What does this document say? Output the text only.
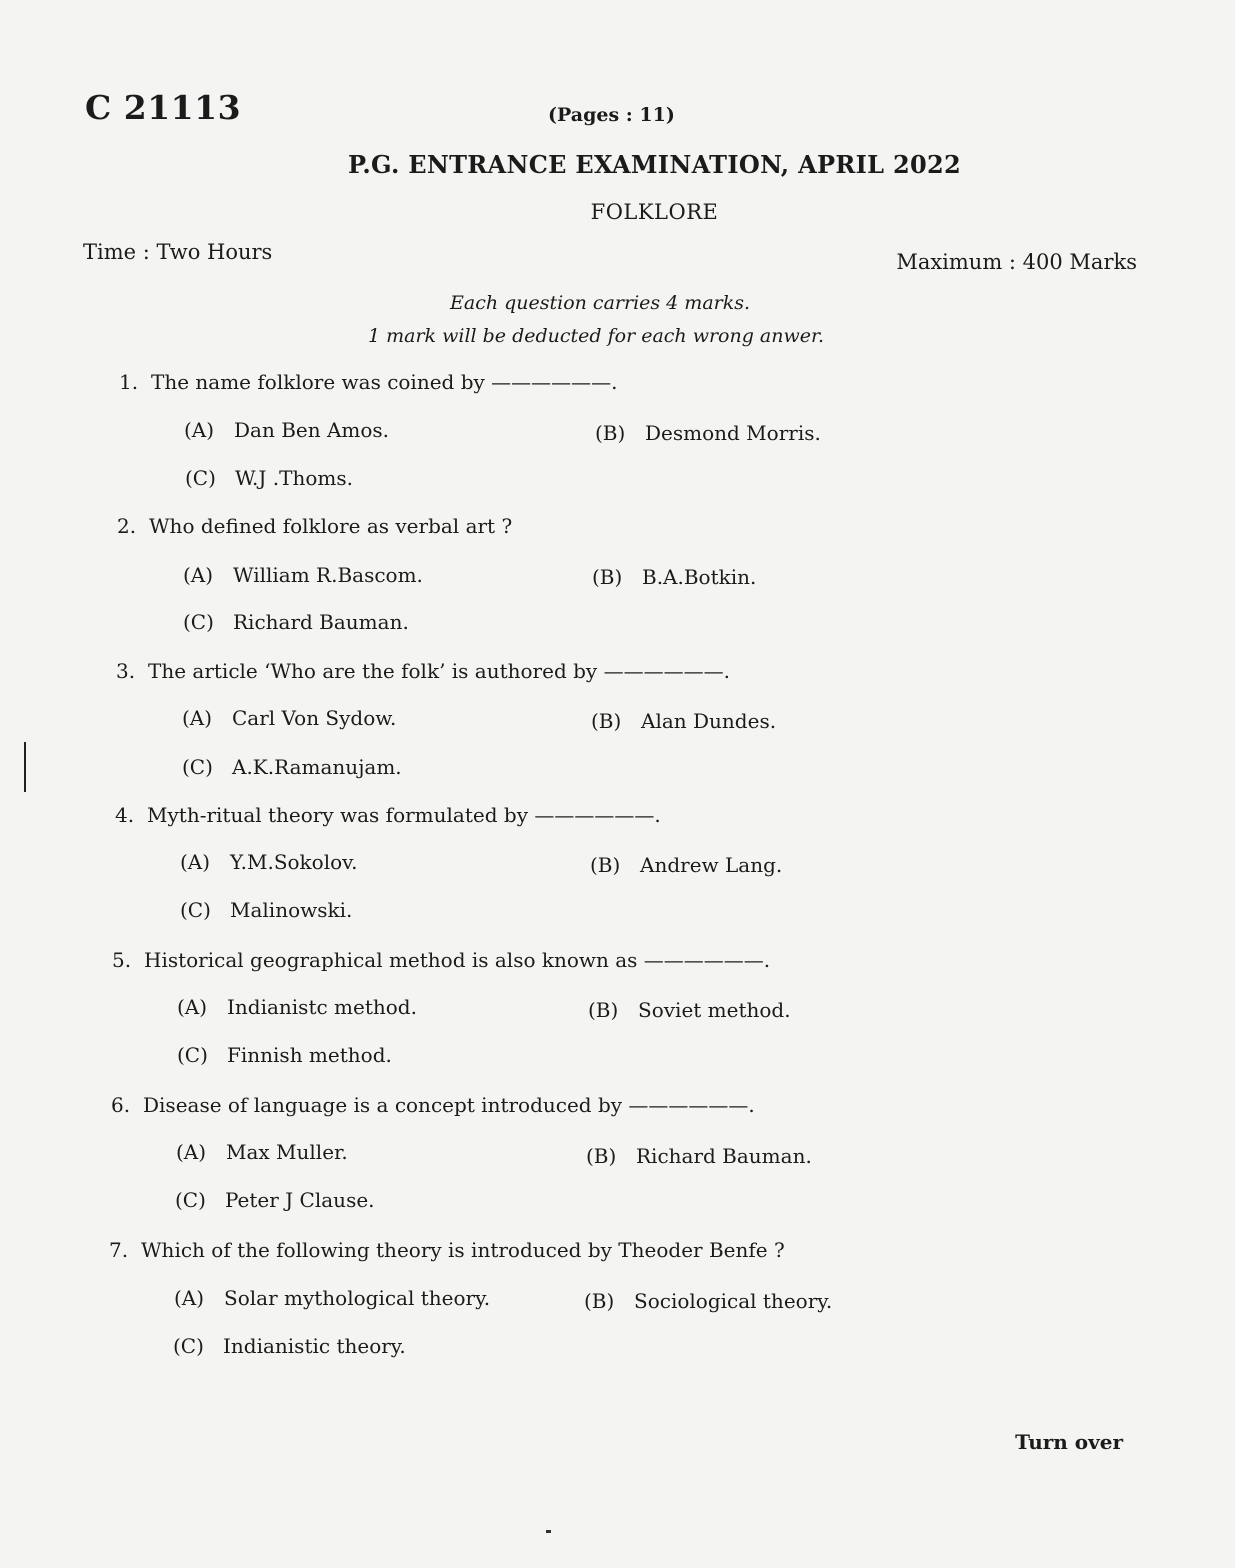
C 21113	(Pages : 11)
P.G. ENTRANCE EXAMINATION, APRIL 2022
FOLKLORE
Time : Two Hours	Maximum : 400 Marks
Each question carries 4 marks.
1 mark will be deducted for each wrong anwer.
1. The name folklore was coined by ——————.
(A) Dan Ben Amos.	(B) Desmond Morris.
(C) W.J .Thoms.
2. Who defined folklore as verbal art ?
(A) William R.Bascom.	(B) B.A.Botkin.
(C) Richard Bauman.
3. The article ‘Who are the folk’ is authored by ——————.
(A) Carl Von Sydow.	(B) Alan Dundes.
(C) A.K.Ramanujam.
4. Myth-ritual theory was formulated by ——————.
(A) Y.M.Sokolov.	(B) Andrew Lang.
(C) Malinowski.
5. Historical geographical method is also known as ——————.
(A) Indianistc method.	(B) Soviet method.
(C) Finnish method.
6. Disease of language is a concept introduced by ——————.
(A) Max Muller.	(B) Richard Bauman.
(C) Peter J Clause.
7. Which of the following theory is introduced by Theoder Benfe ?
(A) Solar mythological theory.	(B) Sociological theory.
(C) Indianistic theory.
Turn over
